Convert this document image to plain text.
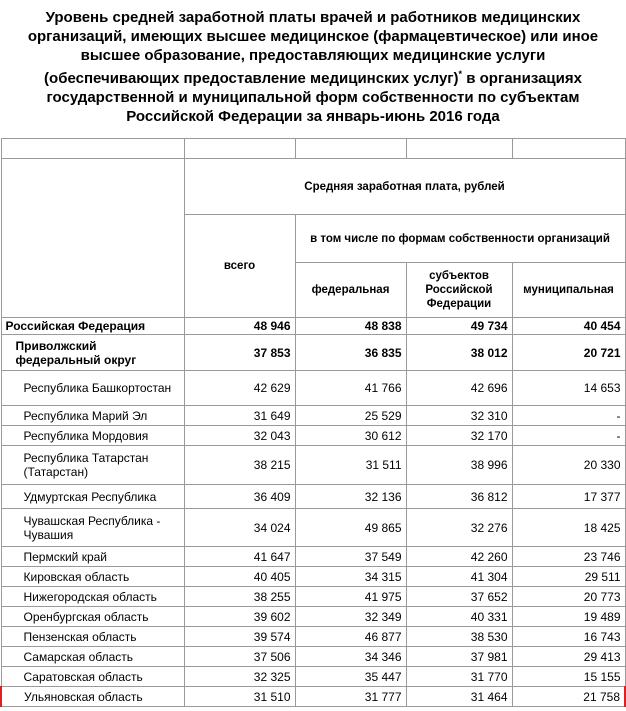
Уровень средней заработной платы врачей и работников медицинских
организаций, имеющих высшее медицинское (фармацевтическое) или иное
высшее образование, предоставляющих медицинские услуги
(обеспечивающих предоставление медицинских услуг)* в организациях
государственной и муниципальной форм собственности по субъектам
Российской Федерации за январь-июнь 2016 года

	Средняя заработная плата, рублей			
	всего	в том числе по формам собственности организаций		
		федеральная	субъектов Российской Федерации	муниципальная
Российская Федерация	48 946	48 838	49 734	40 454
Приволжский федеральный округ	37 853	36 835	38 012	20 721
Республика Башкортостан	42 629	41 766	42 696	14 653
Республика Марий Эл	31 649	25 529	32 310	-
Республика Мордовия	32 043	30 612	32 170	-
Республика Татарстан (Татарстан)	38 215	31 511	38 996	20 330
Удмуртская Республика	36 409	32 136	36 812	17 377
Чувашская Республика - Чувашия	34 024	49 865	32 276	18 425
Пермский край	41 647	37 549	42 260	23 746
Кировская область	40 405	34 315	41 304	29 511
Нижегородская область	38 255	41 975	37 652	20 773
Оренбургская область	39 602	32 349	40 331	19 489
Пензенская область	39 574	46 877	38 530	16 743
Самарская область	37 506	34 346	37 981	29 413
Саратовская область	32 325	35 447	31 770	15 155
Ульяновская область	31 510	31 777	31 464	21 758
